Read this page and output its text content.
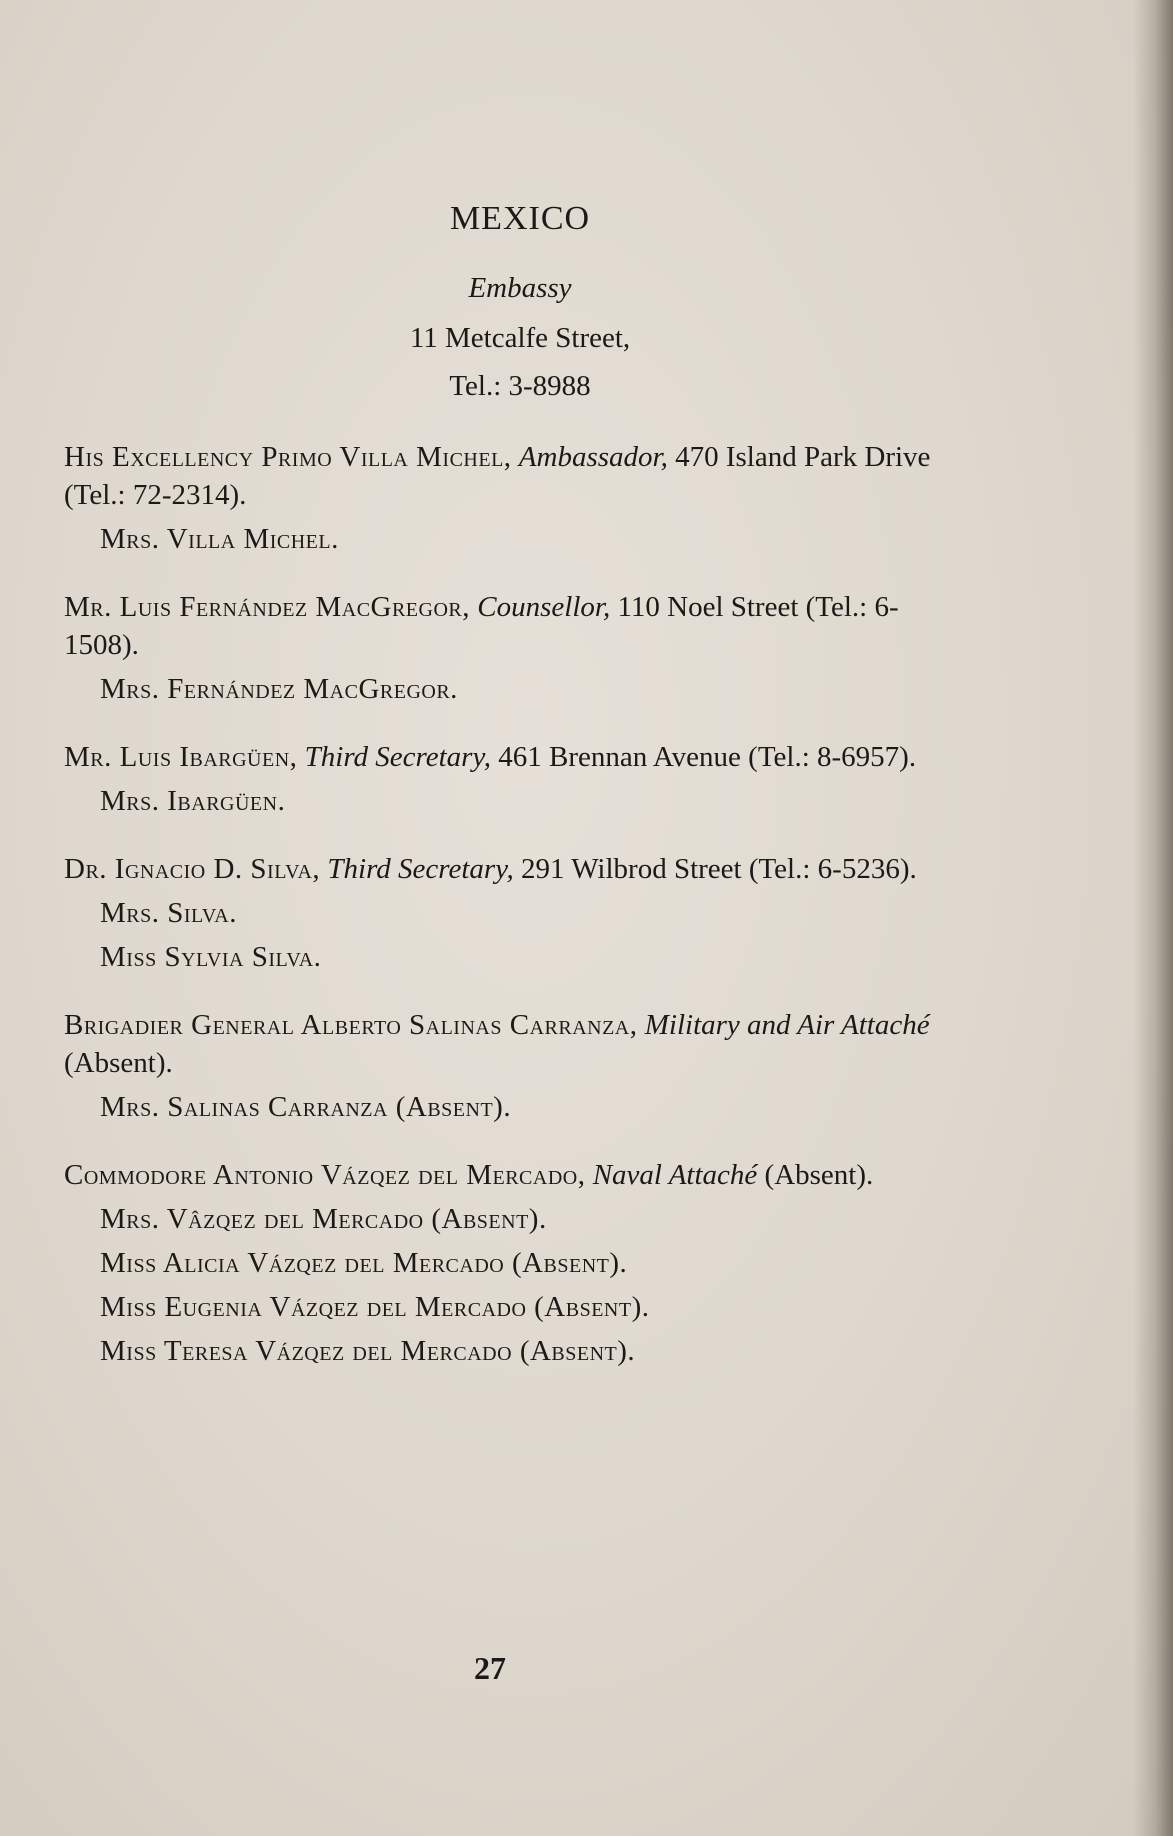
MEXICO
Embassy
11 Metcalfe Street,
Tel.: 3-8988
His Excellency Primo Villa Michel, Ambassador, 470 Island Park Drive (Tel.: 72-2314).
Mrs. Villa Michel.
Mr. Luis Fernández MacGregor, Counsellor, 110 Noel Street (Tel.: 6-1508).
Mrs. Fernández MacGregor.
Mr. Luis Ibargüen, Third Secretary, 461 Brennan Avenue (Tel.: 8-6957).
Mrs. Ibargüen.
Dr. Ignacio D. Silva, Third Secretary, 291 Wilbrod Street (Tel.: 6-5236).
Mrs. Silva.
Miss Sylvia Silva.
Brigadier General Alberto Salinas Carranza, Military and Air Attaché (Absent).
Mrs. Salinas Carranza (Absent).
Commodore Antonio Vázqez del Mercado, Naval Attaché (Absent).
Mrs. Vâzqez del Mercado (Absent).
Miss Alicia Vázqez del Mercado (Absent).
Miss Eugenia Vázqez del Mercado (Absent).
Miss Teresa Vázqez del Mercado (Absent).
27
